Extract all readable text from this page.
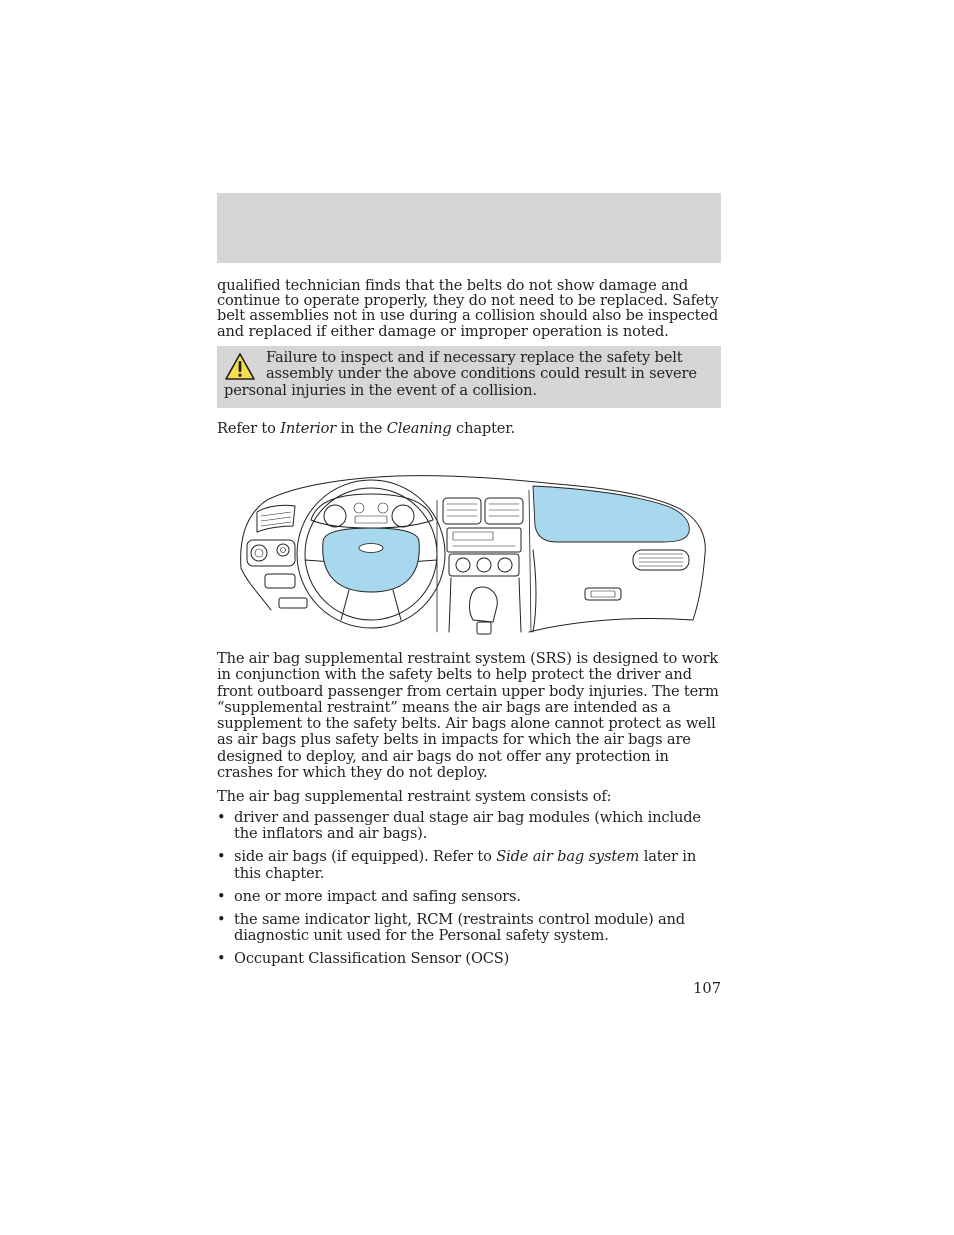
qualified technician finds that the belts do not show damage and continue to operate properly, they do not need to be replaced. Safety belt assemblies not in use during a collision should also be inspected and replaced if either damage or improper operation is noted.
Failure to inspect and if necessary replace the safety belt
assembly under the above conditions could result in severe
personal injuries in the event of a collision.
Refer to Interior in the Cleaning chapter.
The air bag supplemental restraint system (SRS) is designed to work in conjunction with the safety belts to help protect the driver and front outboard passenger from certain upper body injuries. The term “supplemental restraint” means the air bags are intended as a supplement to the safety belts. Air bags alone cannot protect as well as air bags plus safety belts in impacts for which the air bags are designed to deploy, and air bags do not offer any protection in crashes for which they do not deploy.
The air bag supplemental restraint system consists of:
• driver and passenger dual stage air bag modules (which include the inflators and air bags).
• side air bags (if equipped). Refer to Side air bag system later in this chapter.
• one or more impact and safing sensors.
• the same indicator light, RCM (restraints control module) and diagnostic unit used for the Personal safety system.
• Occupant Classification Sensor (OCS)
107
